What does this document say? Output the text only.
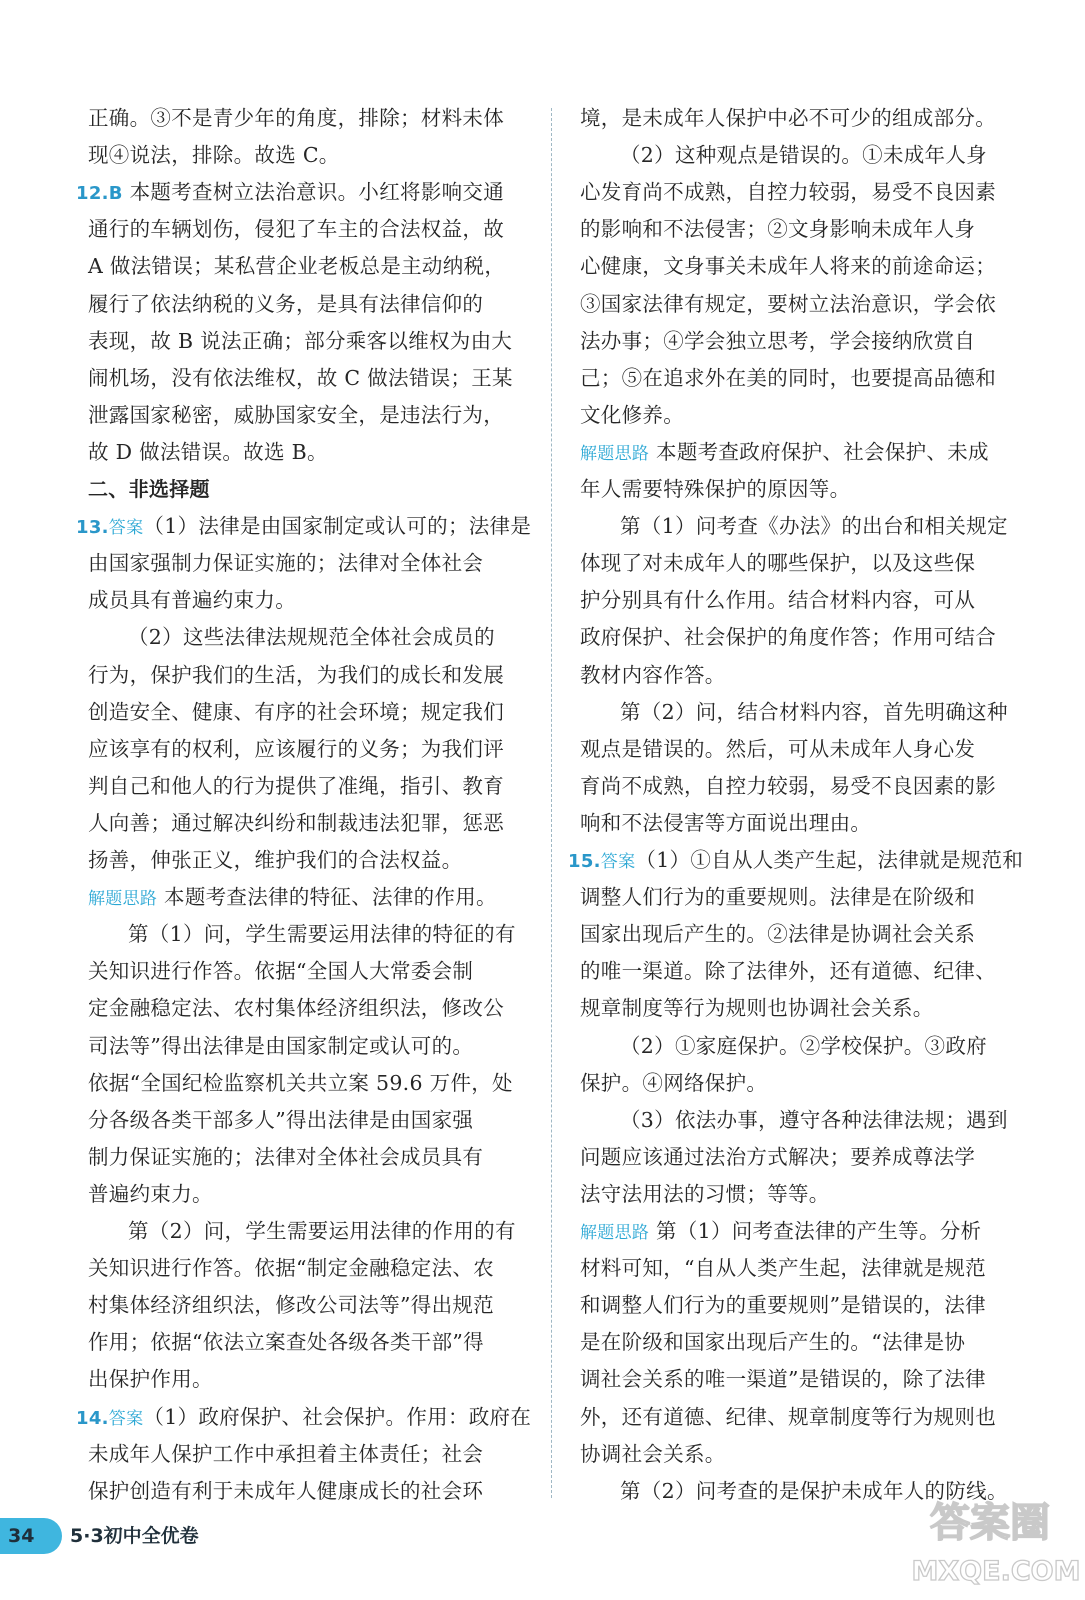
正确。③不是青少年的角度，排除；材料未体
现④说法，排除。故选 C。
12.B 本题考查树立法治意识。小红将影响交通
通行的车辆划伤，侵犯了车主的合法权益，故
A 做法错误；某私营企业老板总是主动纳税，
履行了依法纳税的义务，是具有法律信仰的
表现，故 B 说法正确；部分乘客以维权为由大
闹机场，没有依法维权，故 C 做法错误；王某
泄露国家秘密，威胁国家安全，是违法行为，
故 D 做法错误。故选 B。
二、非选择题
13.答案（1）法律是由国家制定或认可的；法律是
由国家强制力保证实施的；法律对全体社会
成员具有普遍约束力。
（2）这些法律法规规范全体社会成员的
行为，保护我们的生活，为我们的成长和发展
创造安全、健康、有序的社会环境；规定我们
应该享有的权利，应该履行的义务；为我们评
判自己和他人的行为提供了准绳，指引、教育
人向善；通过解决纠纷和制裁违法犯罪，惩恶
扬善，伸张正义，维护我们的合法权益。
解题思路 本题考查法律的特征、法律的作用。
第（1）问，学生需要运用法律的特征的有
关知识进行作答。依据“全国人大常委会制
定金融稳定法、农村集体经济组织法，修改公
司法等”得出法律是由国家制定或认可的。
依据“全国纪检监察机关共立案 59.6 万件，处
分各级各类干部多人”得出法律是由国家强
制力保证实施的；法律对全体社会成员具有
普遍约束力。
第（2）问，学生需要运用法律的作用的有
关知识进行作答。依据“制定金融稳定法、农
村集体经济组织法，修改公司法等”得出规范
作用；依据“依法立案查处各级各类干部”得
出保护作用。
14.答案（1）政府保护、社会保护。作用：政府在
未成年人保护工作中承担着主体责任；社会
保护创造有利于未成年人健康成长的社会环
境，是未成年人保护中必不可少的组成部分。
（2）这种观点是错误的。①未成年人身
心发育尚不成熟，自控力较弱，易受不良因素
的影响和不法侵害；②文身影响未成年人身
心健康，文身事关未成年人将来的前途命运；
③国家法律有规定，要树立法治意识，学会依
法办事；④学会独立思考，学会接纳欣赏自
己；⑤在追求外在美的同时，也要提高品德和
文化修养。
解题思路 本题考查政府保护、社会保护、未成
年人需要特殊保护的原因等。
第（1）问考查《办法》的出台和相关规定
体现了对未成年人的哪些保护，以及这些保
护分别具有什么作用。结合材料内容，可从
政府保护、社会保护的角度作答；作用可结合
教材内容作答。
第（2）问，结合材料内容，首先明确这种
观点是错误的。然后，可从未成年人身心发
育尚不成熟，自控力较弱，易受不良因素的影
响和不法侵害等方面说出理由。
15.答案（1）①自从人类产生起，法律就是规范和
调整人们行为的重要规则。法律是在阶级和
国家出现后产生的。②法律是协调社会关系
的唯一渠道。除了法律外，还有道德、纪律、
规章制度等行为规则也协调社会关系。
（2）①家庭保护。②学校保护。③政府
保护。④网络保护。
（3）依法办事，遵守各种法律法规；遇到
问题应该通过法治方式解决；要养成尊法学
法守法用法的习惯；等等。
解题思路 第（1）问考查法律的产生等。分析
材料可知，“自从人类产生起，法律就是规范
和调整人们行为的重要规则”是错误的，法律
是在阶级和国家出现后产生的。“法律是协
调社会关系的唯一渠道”是错误的，除了法律
外，还有道德、纪律、规章制度等行为规则也
协调社会关系。
第（2）问考查的是保护未成年人的防线。
34	5·3初中全优卷	答案圈
MXQE.COM
